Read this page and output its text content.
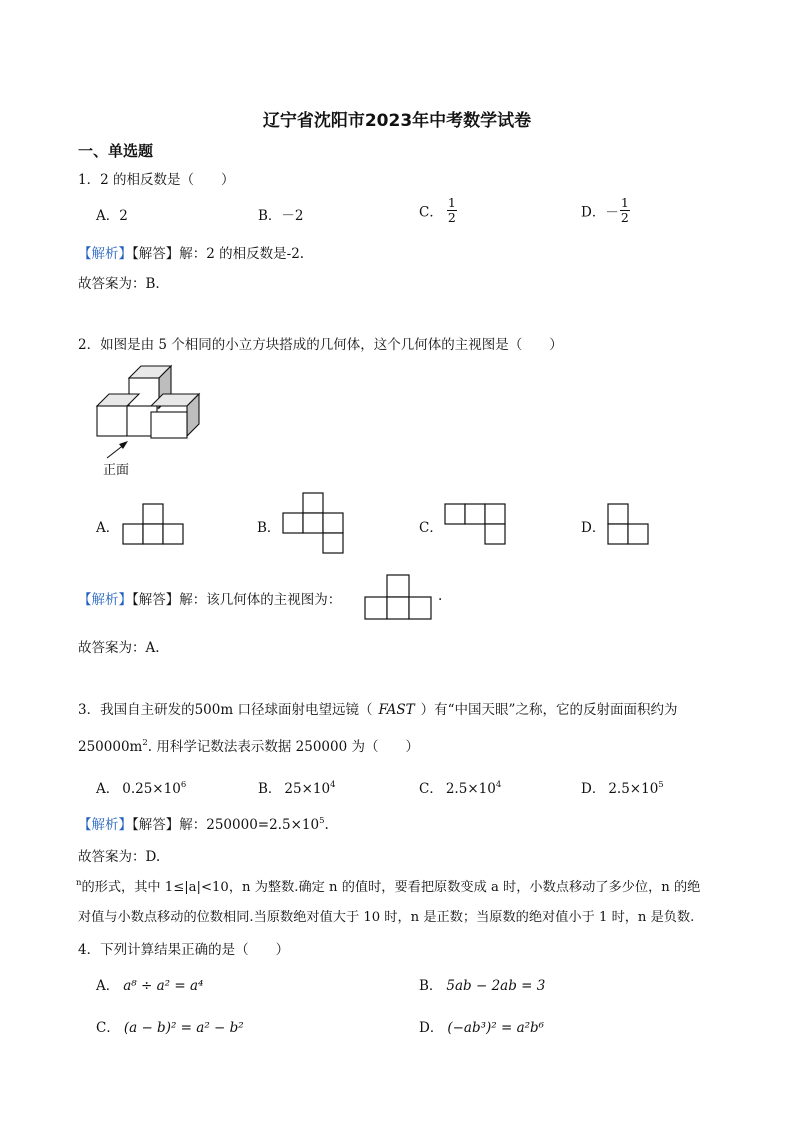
辽宁省沈阳市2023年中考数学试卷
一、单选题
1．2 的相反数是（　　）
A．2	B．－2	C． $\frac{1}{2}$	D．－ $\frac{1}{2}$
【解析】【解答】解：2 的相反数是-2.
故答案为：B.
2．如图是由 5 个相同的小立方块搭成的几何体，这个几何体的主视图是（　　）
正面
A．	B．	C．	D．
【解析】【解答】解：该几何体的主视图为：	.
故答案为：A.
3．我国自主研发的500m 口径球面射电望远镜（ FAST ）有“中国天眼”之称，它的反射面面积约为
$250000m^2$. 用科学记数法表示数据 250000 为（　　）
A． $0.25\times 10^6$	B． $25\times 10^4$	C． $2.5\times 10^4$	D． $2.5\times 10^5$
【解析】【解答】解：$250000=2.5\times 10^5$.
故答案为：D.
$^n$的形式，其中 1≤|a|<10，n 为整数.确定 n 的值时，要看把原数变成 a 时，小数点移动了多少位，n 的绝
对值与小数点移动的位数相同.当原数绝对值大于 10 时，n 是正数；当原数的绝对值小于 1 时，n 是负数.
4．下列计算结果正确的是（　　）
A． a⁸ ÷ a² = a⁴	B． 5ab − 2ab = 3
C． (a − b)² = a² − b²	D． (−ab³)² = a²b⁶
